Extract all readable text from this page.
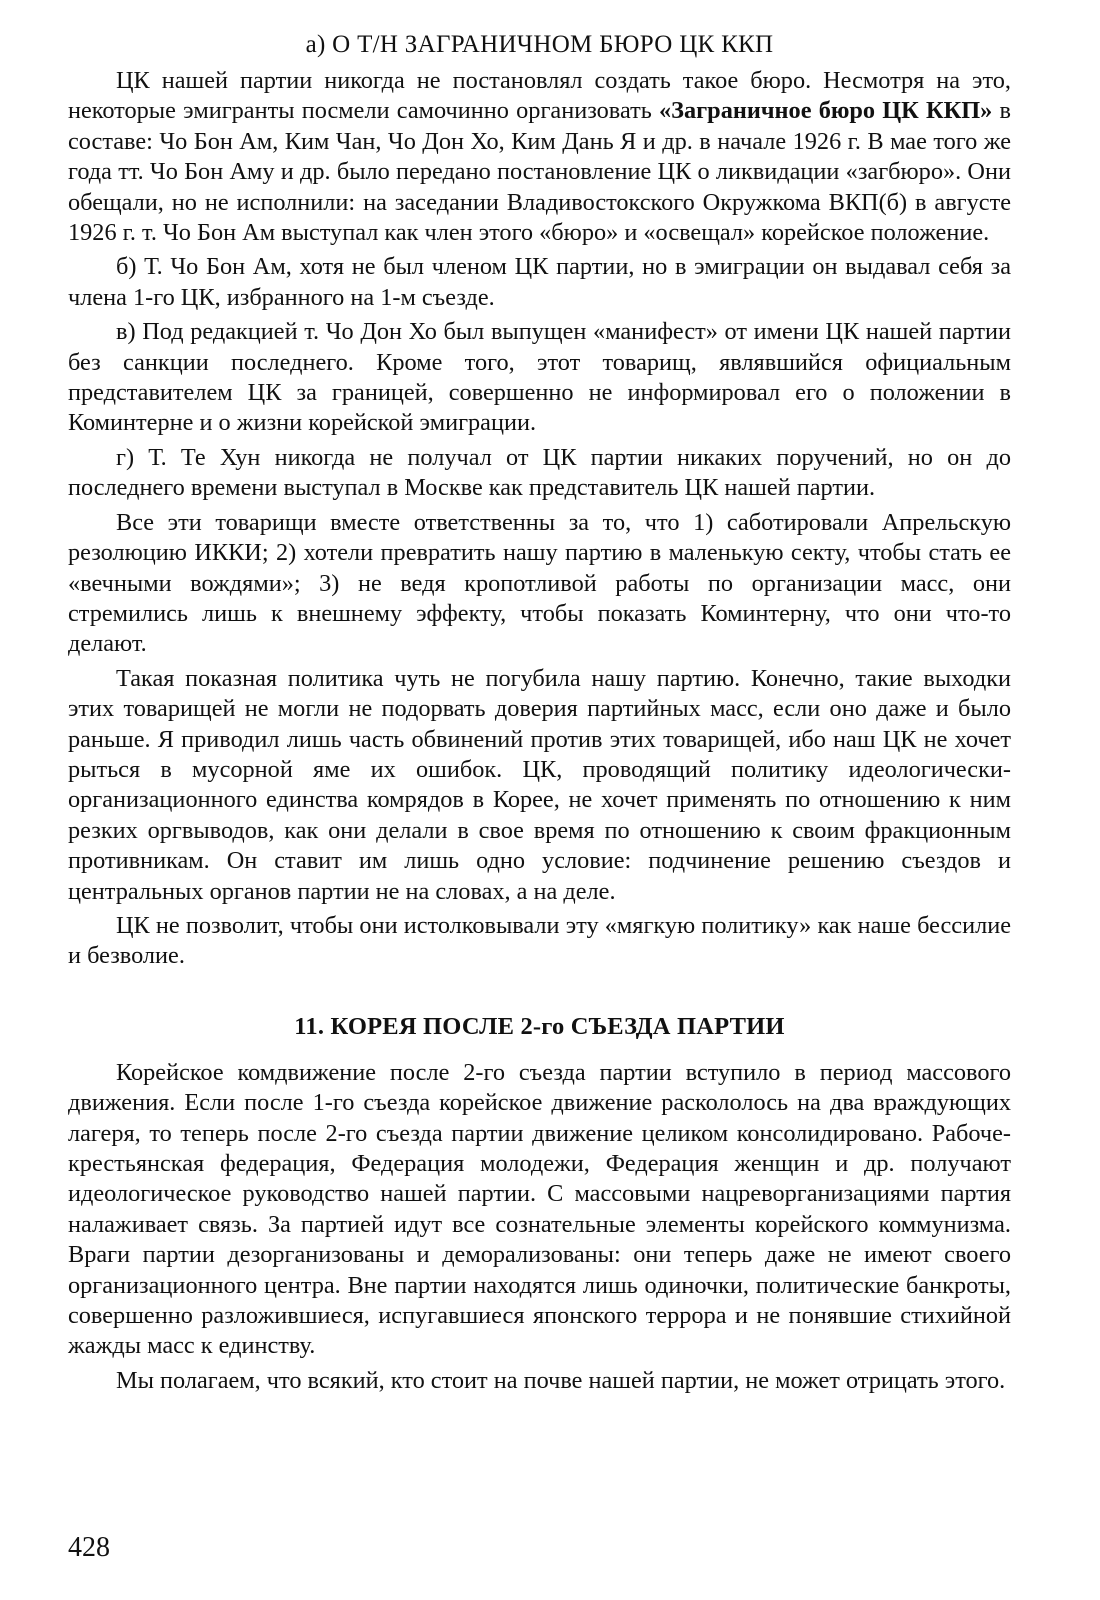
а) О Т/Н ЗАГРАНИЧНОМ БЮРО ЦК ККП

ЦК нашей партии никогда не постановлял создать такое бюро. Несмотря на это, некоторые эмигранты посмели самочинно организовать «Заграничное бюро ЦК ККП» в составе: Чо Бон Ам, Ким Чан, Чо Дон Хо, Ким Дань Я и др. в начале 1926 г. В мае того же года тт. Чо Бон Аму и др. было передано постановление ЦК о ликвидации «загбюро». Они обещали, но не исполнили: на заседании Владивостокского Окружкома ВКП(б) в августе 1926 г. т. Чо Бон Ам выступал как член этого «бюро» и «освещал» корейское положение.

б) Т. Чо Бон Ам, хотя не был членом ЦК партии, но в эмиграции он выдавал себя за члена 1-го ЦК, избранного на 1-м съезде.

в) Под редакцией т. Чо Дон Хо был выпущен «манифест» от имени ЦК нашей партии без санкции последнего. Кроме того, этот товарищ, являвшийся официальным представителем ЦК за границей, совершенно не информировал его о положении в Коминтерне и о жизни корейской эмиграции.

г) Т. Те Хун никогда не получал от ЦК партии никаких поручений, но он до последнего времени выступал в Москве как представитель ЦК нашей партии.

Все эти товарищи вместе ответственны за то, что 1) саботировали Апрельскую резолюцию ИККИ; 2) хотели превратить нашу партию в маленькую секту, чтобы стать ее «вечными вождями»; 3) не ведя кропотливой работы по организации масс, они стремились лишь к внешнему эффекту, чтобы показать Коминтерну, что они что-то делают.

Такая показная политика чуть не погубила нашу партию. Конечно, такие выходки этих товарищей не могли не подорвать доверия партийных масс, если оно даже и было раньше. Я приводил лишь часть обвинений против этих товарищей, ибо наш ЦК не хочет рыться в мусорной яме их ошибок. ЦК, проводящий политику идеологически-организационного единства комрядов в Корее, не хочет применять по отношению к ним резких оргвыводов, как они делали в свое время по отношению к своим фракционным противникам. Он ставит им лишь одно условие: подчинение решению съездов и центральных органов партии не на словах, а на деле.

ЦК не позволит, чтобы они истолковывали эту «мягкую политику» как наше бессилие и безволие.

11. КОРЕЯ ПОСЛЕ 2-го СЪЕЗДА ПАРТИИ

Корейское комдвижение после 2-го съезда партии вступило в период массового движения. Если после 1-го съезда корейское движение раскололось на два враждующих лагеря, то теперь после 2-го съезда партии движение целиком консолидировано. Рабоче-крестьянская федерация, Федерация молодежи, Федерация женщин и др. получают идеологическое руководство нашей партии. С массовыми нацреворганизациями партия налаживает связь. За партией идут все сознательные элементы корейского коммунизма. Враги партии дезорганизованы и деморализованы: они теперь даже не имеют своего организационного центра. Вне партии находятся лишь одиночки, политические банкроты, совершенно разложившиеся, испугавшиеся японского террора и не понявшие стихийной жажды масс к единству.

Мы полагаем, что всякий, кто стоит на почве нашей партии, не может отрицать этого.

428
